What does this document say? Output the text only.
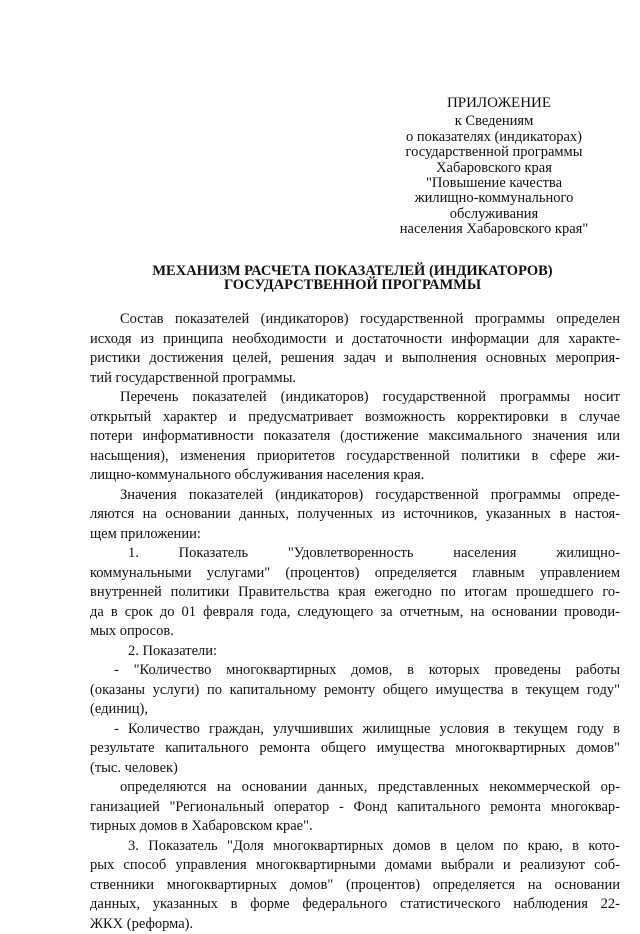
ПРИЛОЖЕНИЕ
к Сведениям
о показателях (индикаторах)
государственной программы
Хабаровского края
"Повышение качества
жилищно-коммунального
обслуживания
населения Хабаровского края"
МЕХАНИЗМ РАСЧЕТА ПОКАЗАТЕЛЕЙ (ИНДИКАТОРОВ)
ГОСУДАРСТВЕННОЙ ПРОГРАММЫ
Состав показателей (индикаторов) государственной программы определен
исходя из принципа необходимости и достаточности информации для характе-
ристики достижения целей, решения задач и выполнения основных мероприя-
тий государственной программы.
Перечень показателей (индикаторов) государственной программы носит
открытый характер и предусматривает возможность корректировки в случае
потери информативности показателя (достижение максимального значения или
насыщения), изменения приоритетов государственной политики в сфере жи-
лищно-коммунального обслуживания населения края.
Значения показателей (индикаторов) государственной программы опреде-
ляются на основании данных, полученных из источников, указанных в настоя-
щем приложении:
1. Показатель "Удовлетворенность населения жилищно-
коммунальными услугами" (процентов) определяется главным управлением
внутренней политики Правительства края ежегодно по итогам прошедшего го-
да в срок до 01 февраля года, следующего за отчетным, на основании проводи-
мых опросов.
2. Показатели:
- "Количество многоквартирных домов, в которых проведены работы
(оказаны услуги) по капитальному ремонту общего имущества в текущем году"
(единиц),
- Количество граждан, улучшивших жилищные условия в текущем году в
результате капитального ремонта общего имущества многоквартирных домов"
(тыс. человек)
определяются на основании данных, представленных некоммерческой ор-
ганизацией "Региональный оператор - Фонд капитального ремонта многоквар-
тирных домов в Хабаровском крае".
3. Показатель "Доля многоквартирных домов в целом по краю, в кото-
рых способ управления многоквартирными домами выбрали и реализуют соб-
ственники многоквартирных домов" (процентов) определяется на основании
данных, указанных в форме федерального статистического наблюдения 22-
ЖКХ (реформа).
